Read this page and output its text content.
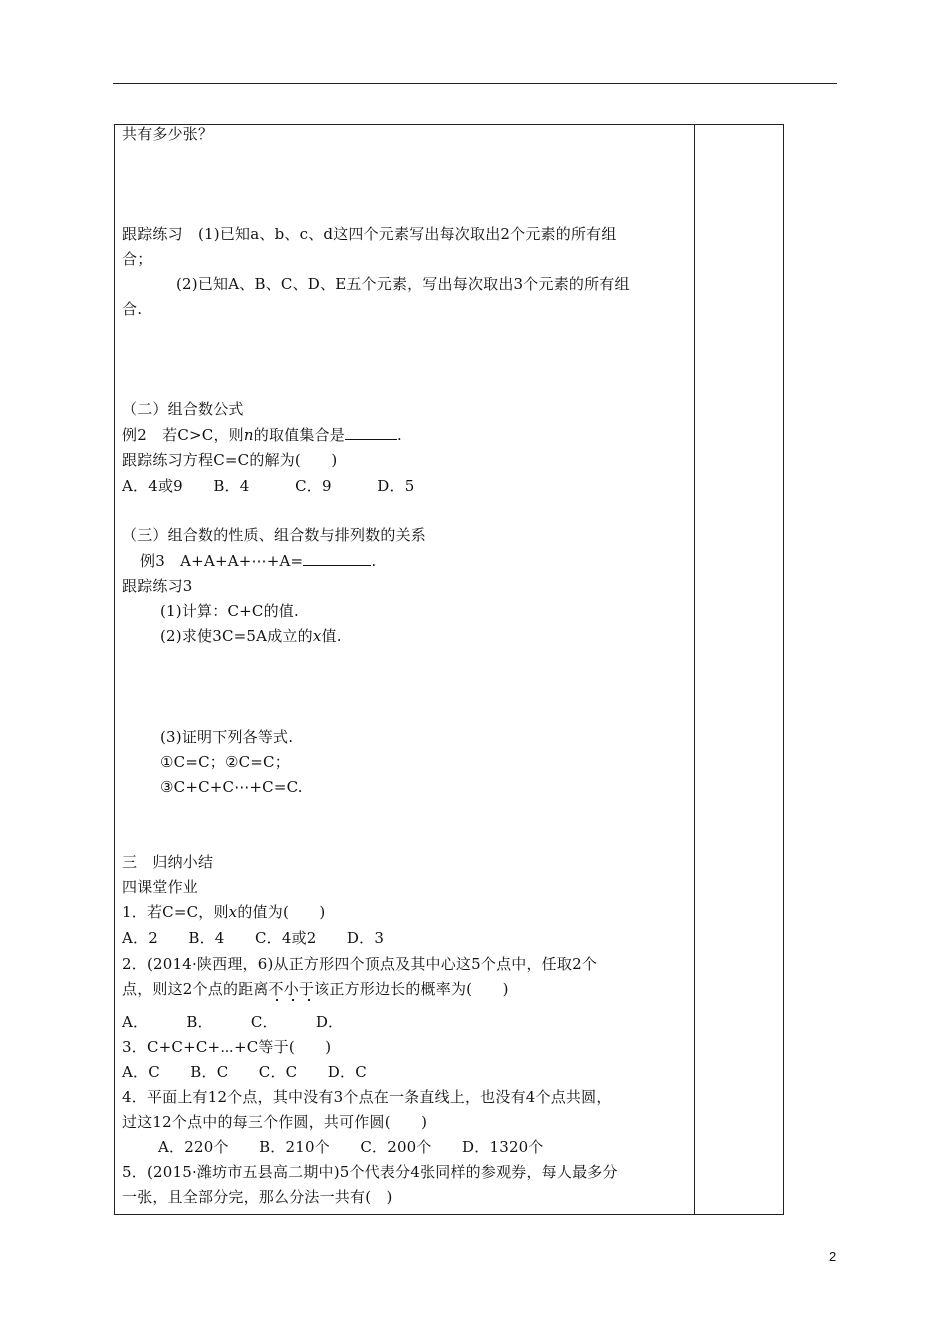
共有多少张？
跟踪练习　(1)已知a、b、c、d这四个元素写出每次取出2个元素的所有组
合；
(2)已知A、B、C、D、E五个元素，写出每次取出3个元素的所有组
合.
（二）组合数公式
例2　若C>C，则n的取值集合是	.
跟踪练习方程C=C的解为(　　)
A．4或9　　B．4　　　C．9　　　D．5
（三）组合数的性质、组合数与排列数的关系
例3　A+A+A+⋯+A=	.
跟踪练习3
(1)计算：C+C的值.
(2)求使3C=5A成立的x值.
(3)证明下列各等式.
①C=C；②C=C；
③C+C+C⋯+C=C.
三　归纳小结
四课堂作业
1．若C=C，则x的值为(　　)
A．2　　B．4　　C．4或2　　D．3
2．(2014·陕西理，6)从正方形四个顶点及其中心这5个点中，任取2个
点，则这2个点的距离不小于该正方形边长的概率为(　　)
A．　　　B．　　　C．　　　D．
3．C+C+C+⋯+C等于(　　)
A．C　　B．C　　C．C　　D．C
4．平面上有12个点，其中没有3个点在一条直线上，也没有4个点共圆，
过这12个点中的每三个作圆，共可作圆(　　)
A．220个　　B．210个　　C．200个　　D．1320个
5．(2015·潍坊市五县高二期中)5个代表分4张同样的参观券，每人最多分
一张，且全部分完，那么分法一共有(　)
2
